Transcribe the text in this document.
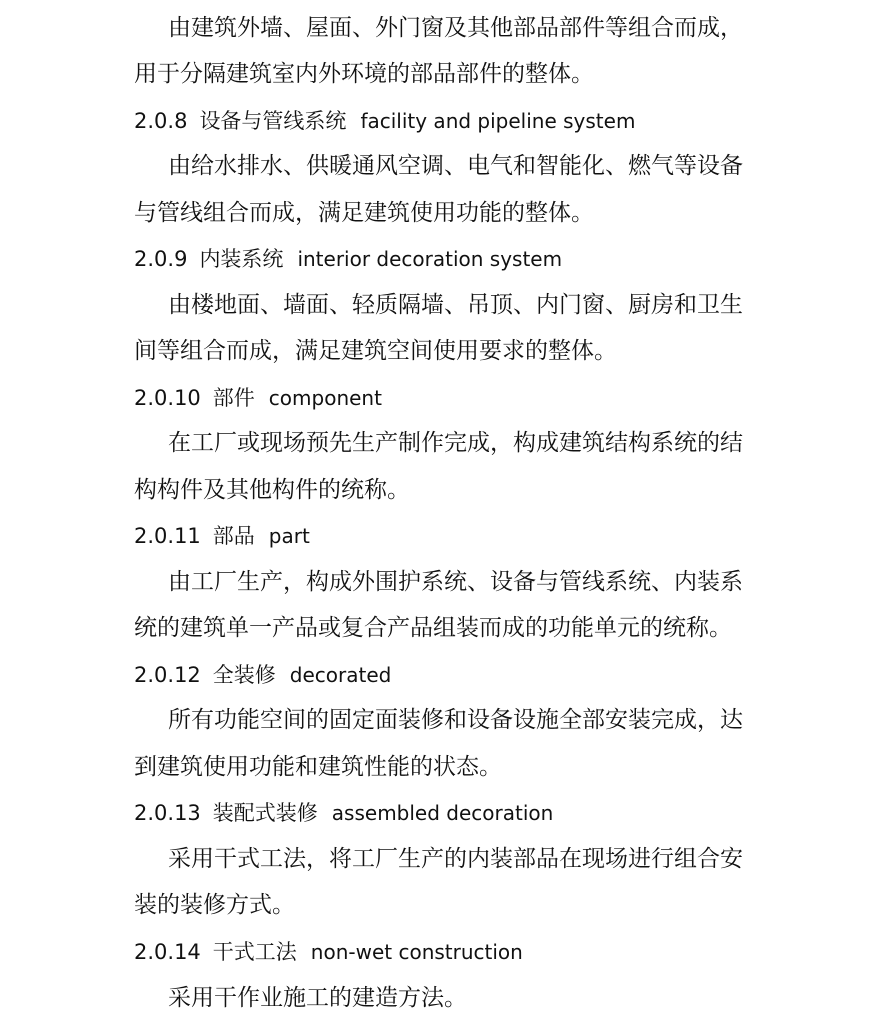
由建筑外墙、屋面、外门窗及其他部品部件等组合而成，
用于分隔建筑室内外环境的部品部件的整体。
2.0.8 设备与管线系统 facility and pipeline system
由给水排水、供暖通风空调、电气和智能化、燃气等设备
与管线组合而成，满足建筑使用功能的整体。
2.0.9 内装系统 interior decoration system
由楼地面、墙面、轻质隔墙、吊顶、内门窗、厨房和卫生
间等组合而成，满足建筑空间使用要求的整体。
2.0.10 部件 component
在工厂或现场预先生产制作完成，构成建筑结构系统的结
构构件及其他构件的统称。
2.0.11 部品 part
由工厂生产，构成外围护系统、设备与管线系统、内装系
统的建筑单一产品或复合产品组装而成的功能单元的统称。
2.0.12 全装修 decorated
所有功能空间的固定面装修和设备设施全部安装完成，达
到建筑使用功能和建筑性能的状态。
2.0.13 装配式装修 assembled decoration
采用干式工法，将工厂生产的内装部品在现场进行组合安
装的装修方式。
2.0.14 干式工法 non-wet construction
采用干作业施工的建造方法。
